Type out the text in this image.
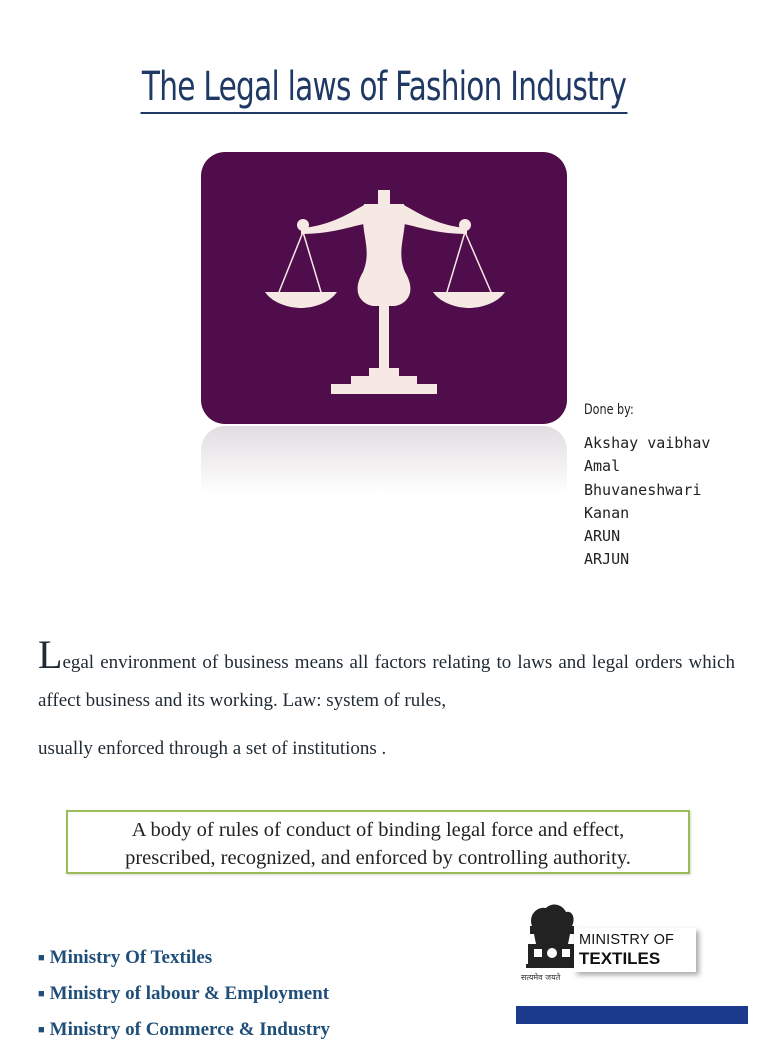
The Legal laws of Fashion Industry
Done by:
Akshay vaibhav
Amal
Bhuvaneshwari
Kanan
ARUN
ARJUN

Legal environment of business means all factors relating to laws and legal orders which affect business and its working. Law: system of rules,

usually enforced through a set of institutions .

A body of rules of conduct of binding legal force and effect,
prescribed, recognized, and enforced by controlling authority.
■ Ministry Of Textiles
■ Ministry of labour & Employment
■ Ministry of Commerce & Industry
MINISTRY OF
TEXTILES
सत्यमेव जयते
